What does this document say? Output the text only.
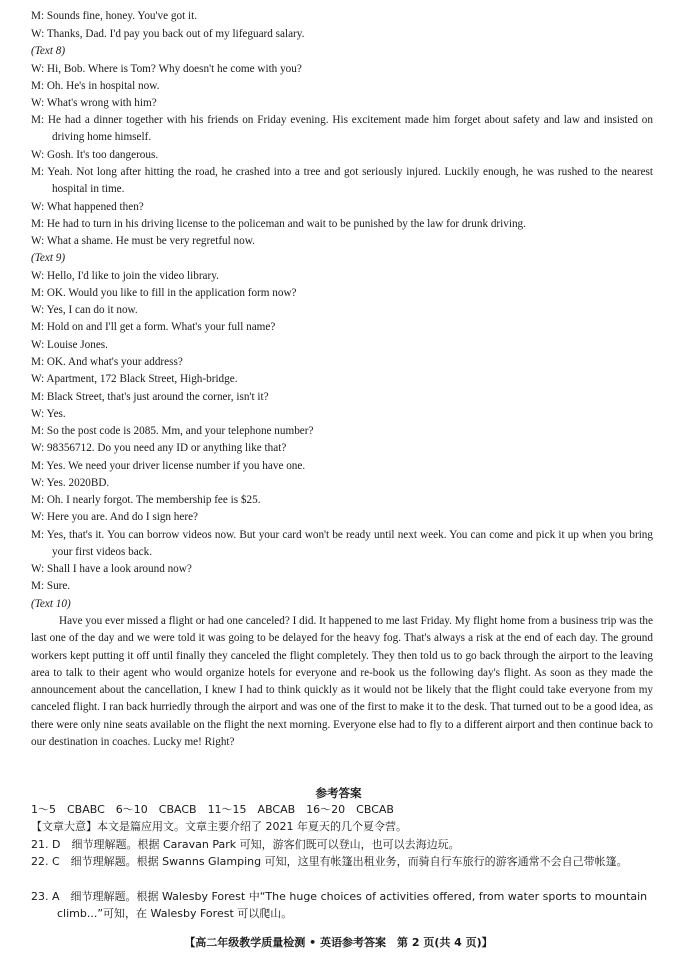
M: Sounds fine, honey. You've got it.
W: Thanks, Dad. I'd pay you back out of my lifeguard salary.
(Text 8)
W: Hi, Bob. Where is Tom? Why doesn't he come with you?
M: Oh. He's in hospital now.
W: What's wrong with him?
M: He had a dinner together with his friends on Friday evening. His excitement made him forget about safety and law and insisted on driving home himself.
W: Gosh. It's too dangerous.
M: Yeah. Not long after hitting the road, he crashed into a tree and got seriously injured. Luckily enough, he was rushed to the nearest hospital in time.
W: What happened then?
M: He had to turn in his driving license to the policeman and wait to be punished by the law for drunk driving.
W: What a shame. He must be very regretful now.
(Text 9)
W: Hello, I'd like to join the video library.
M: OK. Would you like to fill in the application form now?
W: Yes, I can do it now.
M: Hold on and I'll get a form. What's your full name?
W: Louise Jones.
M: OK. And what's your address?
W: Apartment, 172 Black Street, High-bridge.
M: Black Street, that's just around the corner, isn't it?
W: Yes.
M: So the post code is 2085. Mm, and your telephone number?
W: 98356712. Do you need any ID or anything like that?
M: Yes. We need your driver license number if you have one.
W: Yes. 2020BD.
M: Oh. I nearly forgot. The membership fee is $25.
W: Here you are. And do I sign here?
M: Yes, that's it. You can borrow videos now. But your card won't be ready until next week. You can come and pick it up when you bring your first videos back.
W: Shall I have a look around now?
M: Sure.
(Text 10)
Have you ever missed a flight or had one canceled? I did. It happened to me last Friday. My flight home from a business trip was the last one of the day and we were told it was going to be delayed for the heavy fog. That's always a risk at the end of each day. The ground workers kept putting it off until finally they canceled the flight completely. They then told us to go back through the airport to the leaving area to talk to their agent who would organize hotels for everyone and re-book us the following day's flight. As soon as they made the announcement about the cancellation, I knew I had to think quickly as it would not be likely that the flight could take everyone from my canceled flight. I ran back hurriedly through the airport and was one of the first to make it to the desk. That turned out to be a good idea, as there were only nine seats available on the flight the next morning. Everyone else had to fly to a different airport and then continue back to our destination in coaches. Lucky me! Right?
参考答案
1～5　CBABC　6～10　CBACB　11～15　ABCAB　16～20　CBCAB
【文章大意】本文是篇应用文。文章主要介绍了 2021 年夏天的几个夏令营。
21. D　细节理解题。根据 Caravan Park 可知，游客们既可以登山，也可以去海边玩。
22. C　细节理解题。根据 Swanns Glamping 可知，这里有帐篷出租业务，而骑自行车旅行的游客通常不会自己带帐篷。
23. A　细节理解题。根据 Walesby Forest 中“The huge choices of activities offered, from water sports to mountain climb...”可知，在 Walesby Forest 可以爬山。
【高二年级教学质量检测 • 英语参考答案　第 2 页(共 4 页)】
